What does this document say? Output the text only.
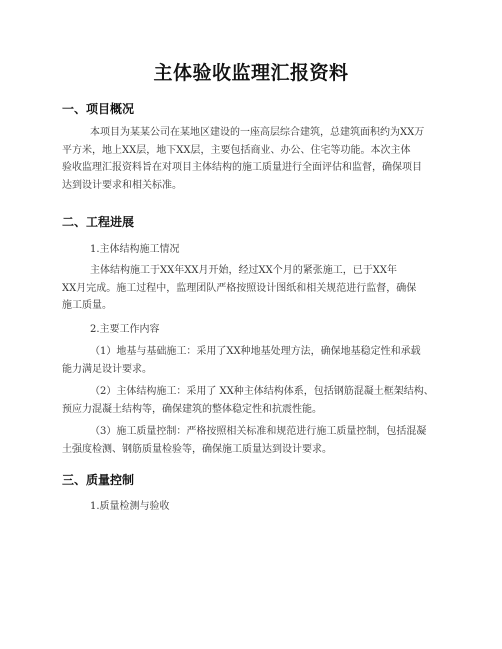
主体验收监理汇报资料
一、项目概况
本项目为某某公司在某地区建设的一座高层综合建筑，总建筑面积约为XX万
平方米，地上XX层，地下XX层，主要包括商业、办公、住宅等功能。本次主体
验收监理汇报资料旨在对项目主体结构的施工质量进行全面评估和监督，确保项目
达到设计要求和相关标准。
二、工程进展
1.主体结构施工情况
主体结构施工于XX年XX月开始，经过XX个月的紧张施工，已于XX年
XX月完成。施工过程中，监理团队严格按照设计图纸和相关规范进行监督，确保
施工质量。
2.主要工作内容
（1）地基与基础施工：采用了XX种地基处理方法，确保地基稳定性和承载
能力满足设计要求。
（2）主体结构施工：采用了 XX种主体结构体系，包括钢筋混凝土框架结构、
预应力混凝土结构等，确保建筑的整体稳定性和抗震性能。
（3）施工质量控制：严格按照相关标准和规范进行施工质量控制，包括混凝
土强度检测、钢筋质量检验等，确保施工质量达到设计要求。
三、质量控制
1.质量检测与验收
